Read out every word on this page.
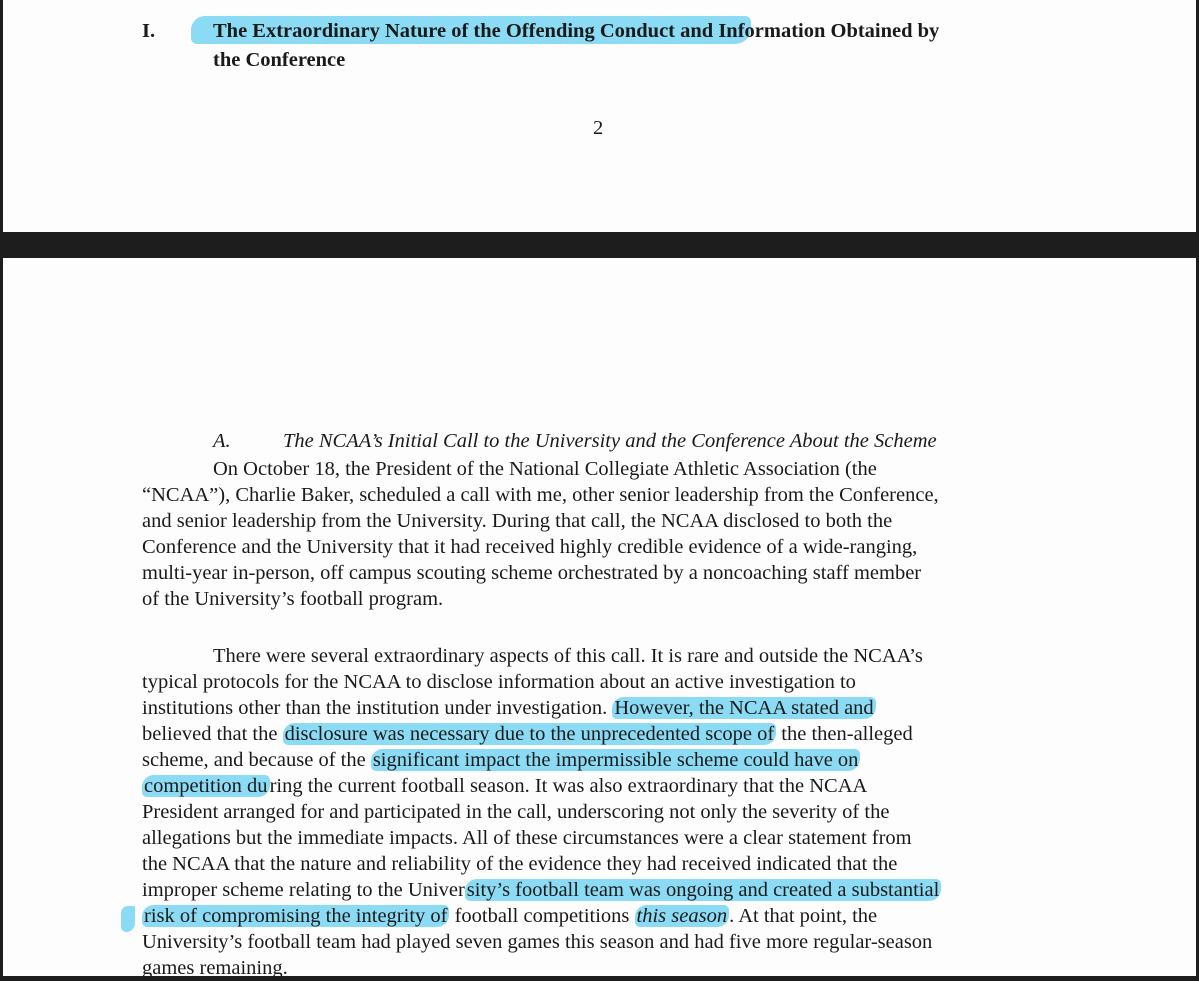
I.	The Extraordinary Nature of the Offending Conduct and Information Obtained by
the Conference
2
A.	The NCAA’s Initial Call to the University and the Conference About the Scheme
On October 18, the President of the National Collegiate Athletic Association (the
“NCAA”), Charlie Baker, scheduled a call with me, other senior leadership from the Conference,
and senior leadership from the University. During that call, the NCAA disclosed to both the
Conference and the University that it had received highly credible evidence of a wide-ranging,
multi-year in-person, off campus scouting scheme orchestrated by a noncoaching staff member
of the University’s football program.
There were several extraordinary aspects of this call. It is rare and outside the NCAA’s
typical protocols for the NCAA to disclose information about an active investigation to
institutions other than the institution under investigation. However, the NCAA stated and
believed that the disclosure was necessary due to the unprecedented scope of the then-alleged
scheme, and because of the significant impact the impermissible scheme could have on
competition during the current football season. It was also extraordinary that the NCAA
President arranged for and participated in the call, underscoring not only the severity of the
allegations but the immediate impacts. All of these circumstances were a clear statement from
the NCAA that the nature and reliability of the evidence they had received indicated that the
improper scheme relating to the University’s football team was ongoing and created a substantial
risk of compromising the integrity of football competitions this season. At that point, the
University’s football team had played seven games this season and had five more regular-season
games remaining.
